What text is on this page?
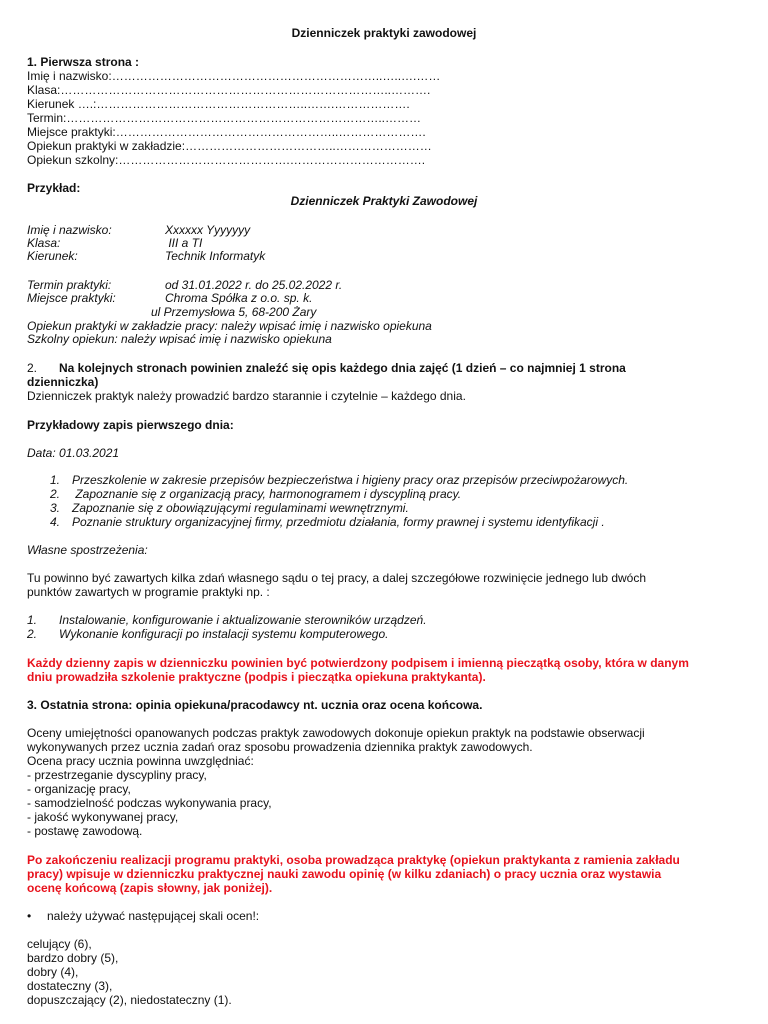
Dzienniczek praktyki zawodowej
1. Pierwsza strona :
Imię i nazwisko:…………………………………………………………..…..….……
Klasa:………………………………………………………………………..……….
Kierunek ….:……………………………………………..…….……………….
Termin:……………………………………………………………………..………
Miejsce praktyki:………………………………………………..………………….
Opiekun praktyki w zakładzie:………………………………..……………………
Opiekun szkolny:…………………………………….…………………………….
Przykład:
Dzienniczek Praktyki Zawodowej
Imię i nazwisko:	Xxxxxx Yyyyyyy
Klasa:	III a TI
Kierunek:	Technik Informatyk
Termin praktyki:	od 31.01.2022 r. do 25.02.2022 r.
Miejsce praktyki:	Chroma Spółka z o.o. sp. k.
ul Przemysłowa 5, 68-200 Żary
Opiekun praktyki w zakładzie pracy: należy wpisać imię i nazwisko opiekuna
Szkolny opiekun: należy wpisać imię i nazwisko opiekuna
2. Na kolejnych stronach powinien znaleźć się opis każdego dnia zajęć (1 dzień – co najmniej 1 strona
dzienniczka)
Dzienniczek praktyk należy prowadzić bardzo starannie i czytelnie – każdego dnia.
Przykładowy zapis pierwszego dnia:
Data: 01.03.2021
1. Przeszkolenie w zakresie przepisów bezpieczeństwa i higieny pracy oraz przepisów przeciwpożarowych.
2. Zapoznanie się z organizacją pracy, harmonogramem i dyscypliną pracy.
3. Zapoznanie się z obowiązującymi regulaminami wewnętrznymi.
4. Poznanie struktury organizacyjnej firmy, przedmiotu działania, formy prawnej i systemu identyfikacji .
Własne spostrzeżenia:
Tu powinno być zawartych kilka zdań własnego sądu o tej pracy, a dalej szczegółowe rozwinięcie jednego lub dwóch
punktów zawartych w programie praktyki np. :
1. Instalowanie, konfigurowanie i aktualizowanie sterowników urządzeń.
2. Wykonanie konfiguracji po instalacji systemu komputerowego.
Każdy dzienny zapis w dzienniczku powinien być potwierdzony podpisem i imienną pieczątką osoby, która w danym
dniu prowadziła szkolenie praktyczne (podpis i pieczątka opiekuna praktykanta).
3. Ostatnia strona: opinia opiekuna/pracodawcy nt. ucznia oraz ocena końcowa.
Oceny umiejętności opanowanych podczas praktyk zawodowych dokonuje opiekun praktyk na podstawie obserwacji
wykonywanych przez ucznia zadań oraz sposobu prowadzenia dziennika praktyk zawodowych.
Ocena pracy ucznia powinna uwzględniać:
- przestrzeganie dyscypliny pracy,
- organizację pracy,
- samodzielność podczas wykonywania pracy,
- jakość wykonywanej pracy,
- postawę zawodową.
Po zakończeniu realizacji programu praktyki, osoba prowadząca praktykę (opiekun praktykanta z ramienia zakładu
pracy) wpisuje w dzienniczku praktycznej nauki zawodu opinię (w kilku zdaniach) o pracy ucznia oraz wystawia
ocenę końcową (zapis słowny, jak poniżej).
• należy używać następującej skali ocen!:
celujący (6),
bardzo dobry (5),
dobry (4),
dostateczny (3),
dopuszczający (2), niedostateczny (1).
